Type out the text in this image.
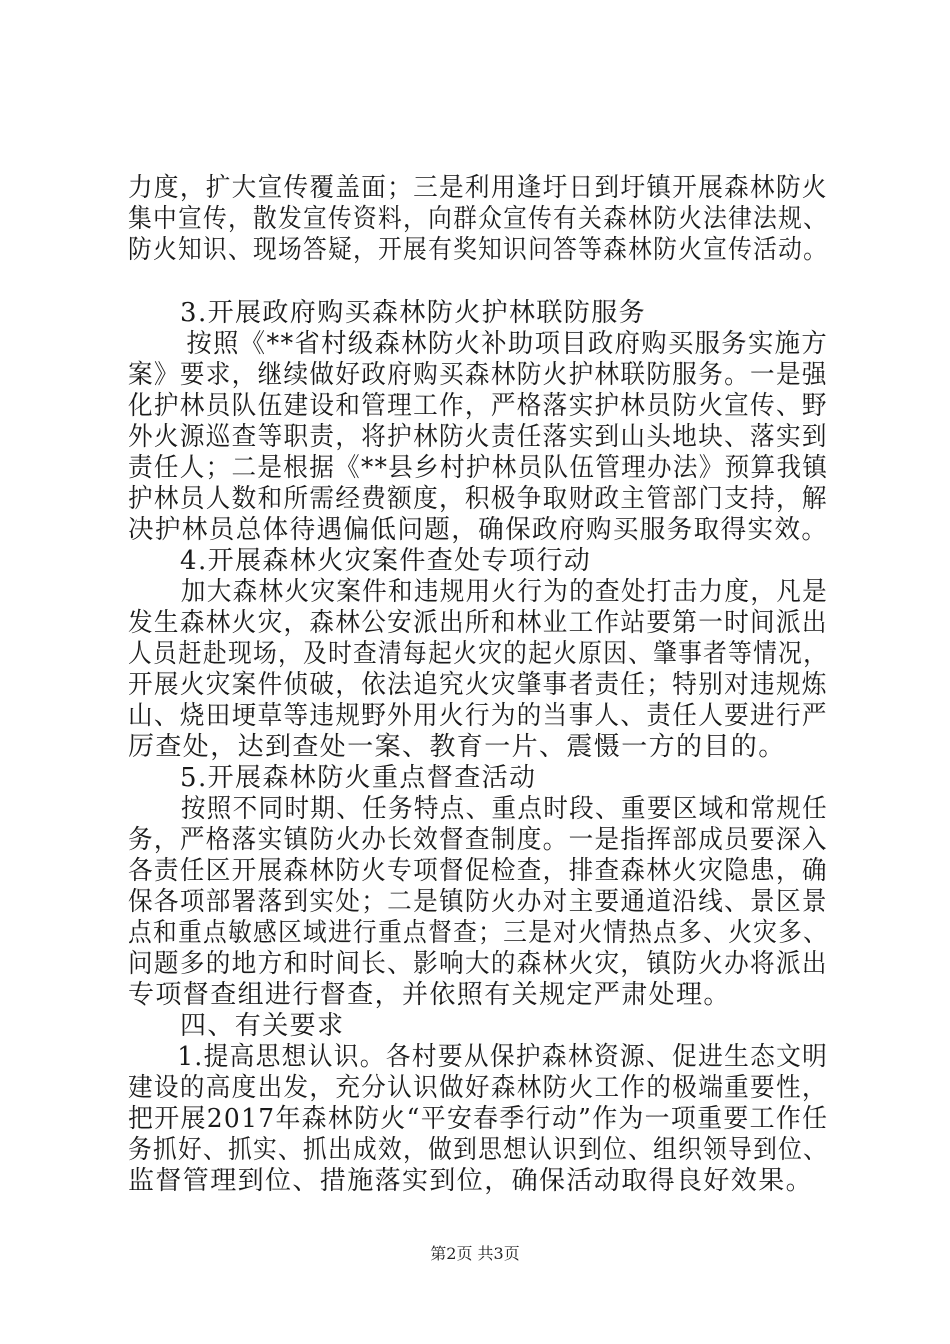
力度，扩大宣传覆盖面；三是利用逢圩日到圩镇开展森林防火
集中宣传，散发宣传资料，向群众宣传有关森林防火法律法规、
防火知识、现场答疑，开展有奖知识问答等森林防火宣传活动。
3.开展政府购买森林防火护林联防服务
按照《**省村级森林防火补助项目政府购买服务实施方
案》要求，继续做好政府购买森林防火护林联防服务。一是强
化护林员队伍建设和管理工作，严格落实护林员防火宣传、野
外火源巡查等职责，将护林防火责任落实到山头地块、落实到
责任人；二是根据《**县乡村护林员队伍管理办法》预算我镇
护林员人数和所需经费额度，积极争取财政主管部门支持，解
决护林员总体待遇偏低问题，确保政府购买服务取得实效。
4.开展森林火灾案件查处专项行动
加大森林火灾案件和违规用火行为的查处打击力度，凡是
发生森林火灾，森林公安派出所和林业工作站要第一时间派出
人员赶赴现场，及时查清每起火灾的起火原因、肇事者等情况，
开展火灾案件侦破，依法追究火灾肇事者责任；特别对违规炼
山、烧田埂草等违规野外用火行为的当事人、责任人要进行严
厉查处，达到查处一案、教育一片、震慑一方的目的。
5.开展森林防火重点督查活动
按照不同时期、任务特点、重点时段、重要区域和常规任
务，严格落实镇防火办长效督查制度。一是指挥部成员要深入
各责任区开展森林防火专项督促检查，排查森林火灾隐患，确
保各项部署落到实处；二是镇防火办对主要通道沿线、景区景
点和重点敏感区域进行重点督查；三是对火情热点多、火灾多、
问题多的地方和时间长、影响大的森林火灾，镇防火办将派出
专项督查组进行督查，并依照有关规定严肃处理。
四、有关要求
1.提高思想认识。各村要从保护森林资源、促进生态文明
建设的高度出发，充分认识做好森林防火工作的极端重要性，
把开展2017年森林防火“平安春季行动”作为一项重要工作任
务抓好、抓实、抓出成效，做到思想认识到位、组织领导到位、
监督管理到位、措施落实到位，确保活动取得良好效果。
第2页 共3页
